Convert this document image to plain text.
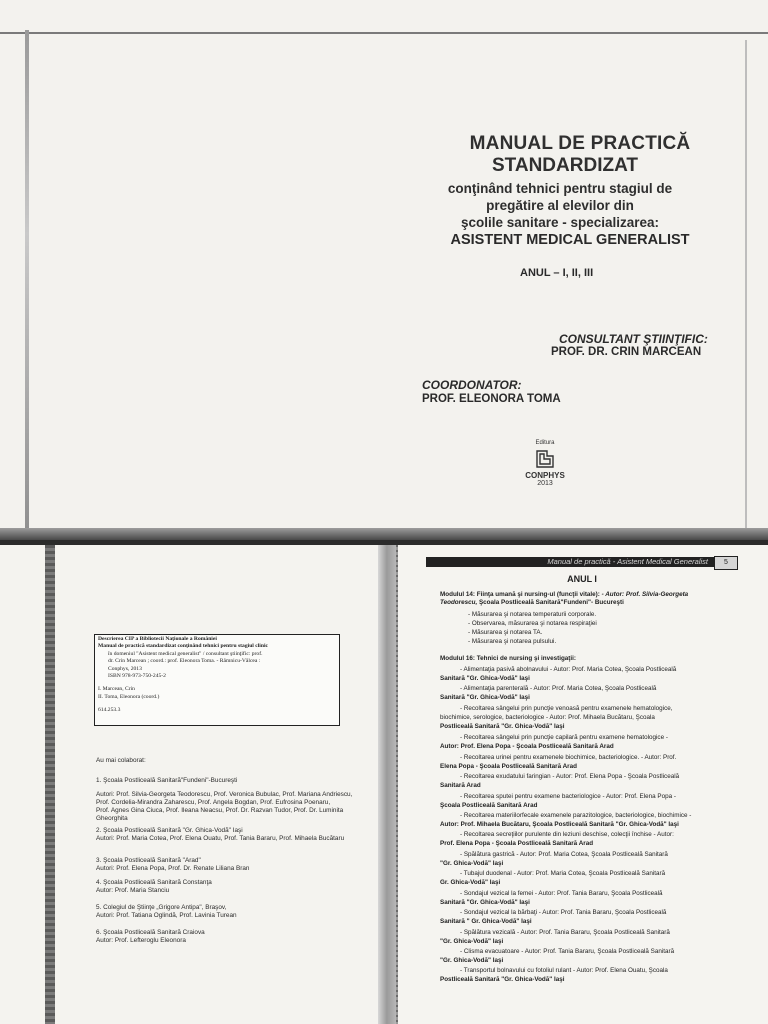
MANUAL DE PRACTICĂ
STANDARDIZAT
conţinând tehnici pentru stagiul de
pregătire al elevilor din
şcolile sanitare - specializarea:
ASISTENT MEDICAL GENERALIST
ANUL – I, II, III
CONSULTANT ŞTIINŢIFIC:
PROF. DR. CRIN MARCEAN
COORDONATOR:
PROF. ELEONORA TOMA
Editura
CONPHYS
2013
Descrierea CIP a Bibliotecii Naţionale a României
Manual de practică standardizat conţinând tehnici pentru stagiul clinic
în domeniul "Asistent medical generalist" / consultant ştiinţific: prof.
dr. Crin Marcean ; coord.: prof. Eleonora Toma. - Râmnicu-Vâlcea :
Conphys, 2013
ISBN 978-973-750-245-2
I. Marcean, Crin
II. Toma, Eleonora (coord.)
614.253.3
Au mai colaborat:
1. Şcoala Postliceală Sanitară"Fundeni"-Bucureşti
Autori: Prof. Silvia-Georgeta Teodorescu, Prof. Veronica Bubulac, Prof. Mariana Andriescu,
Prof. Cordelia-Mirandra Zaharescu, Prof. Angela Bogdan, Prof. Eufrosina Poenaru,
Prof. Agnes Gina Ciuca, Prof. Ileana Neacsu, Prof. Dr. Razvan Tudor, Prof. Dr. Luminita
Gheorghita
2. Şcoala Postliceală Sanitară "Gr. Ghica-Vodă" Iaşi
Autori: Prof. Maria Cotea, Prof. Elena Ouatu, Prof. Tania Bararu, Prof. Mihaela Bucătaru
3. Şcoala Postliceală Sanitară "Arad"
Autori: Prof. Elena Popa, Prof. Dr. Renate Liliana Bran
4. Şcoala Postliceală Sanitară Constanţa
Autor: Prof. Maria Stanciu
5. Colegiul de Ştiinţe „Grigore Antipa", Braşov,
Autori: Prof. Tatiana Oglindă, Prof. Lavinia Turean
6. Şcoala Postliceală Sanitară Craiova
Autor: Prof. Lefteroglu Eleonora
Manual de practică - Asistent Medical Generalist	5
ANUL I
Modulul 14: Fiinţa umană şi nursing-ul (funcţii vitale): - Autor: Prof. Silvia-Georgeta
Teodorescu, Şcoala Postliceală Sanitară"Fundeni"- Bucureşti
- Măsurarea şi notarea temperaturii corporale.
- Observarea, măsurarea şi notarea respiraţiei
- Măsurarea şi notarea TA.
- Măsurarea şi notarea pulsului.
Modulul 16: Tehnici de nursing şi investigaţii:
- Alimentaţia pasivă abolnavului - Autor: Prof. Maria Cotea, Şcoala Postliceală
Sanitară "Gr. Ghica-Vodă" Iaşi
- Alimentaţia parenterală - Autor: Prof. Maria Cotea, Şcoala Postliceală
Sanitară "Gr. Ghica-Vodă" Iaşi
- Recoltarea sângelui prin puncţie venoasă pentru examenele hematologice,
biochimice, serologice, bacteriologice - Autor: Prof. Mihaela Bucătaru, Şcoala
Postliceală Sanitară "Gr. Ghica-Vodă" Iaşi
- Recoltarea sângelui prin puncţie capilară pentru examene hematologice -
Autor: Prof. Elena Popa - Şcoala Postliceală Sanitară Arad
- Recoltarea urinei pentru examenele biochimice, bacteriologice. - Autor: Prof.
Elena Popa - Şcoala Postliceală Sanitară Arad
- Recoltarea exudatului faringian - Autor: Prof. Elena Popa - Şcoala Postliceală
Sanitară Arad
- Recoltarea sputei pentru examene bacteriologice - Autor: Prof. Elena Popa -
Şcoala Postliceală Sanitară Arad
- Recoltarea materiilorfecale examenele parazitologice, bacteriologice, biochimice -
Autor: Prof. Mihaela Bucătaru, Şcoala Postliceală Sanitară "Gr. Ghica-Vodă" Iaşi
- Recoltarea secreţiilor purulente din leziuni deschise, colecţii închise - Autor:
Prof. Elena Popa - Şcoala Postliceală Sanitară Arad
- Spălătura gastrică - Autor: Prof. Maria Cotea, Şcoala Postliceală Sanitară
"Gr. Ghica-Vodă" Iaşi
- Tubajul duodenal - Autor: Prof. Maria Cotea, Şcoala Postliceală Sanitară
Gr. Ghica-Vodă" Iaşi
- Sondajul vezical la femei - Autor: Prof. Tania Bararu, Şcoala Postliceală
Sanitară "Gr. Ghica-Vodă" Iaşi
- Sondajul vezical la bărbaţi - Autor: Prof. Tania Bararu, Şcoala Postliceală
Sanitară " Gr. Ghica-Vodă" Iaşi
- Spălătura vezicală - Autor: Prof. Tania Bararu, Şcoala Postliceală Sanitară
"Gr. Ghica-Vodă" Iaşi
- Clisma evacuatoare - Autor: Prof. Tania Bararu, Şcoala Postliceală Sanitară
"Gr. Ghica-Vodă" Iaşi
- Transportul bolnavului cu fotoliul rulant - Autor: Prof. Elena Ouatu, Şcoala
Postliceală Sanitară "Gr. Ghica-Vodă" Iaşi
